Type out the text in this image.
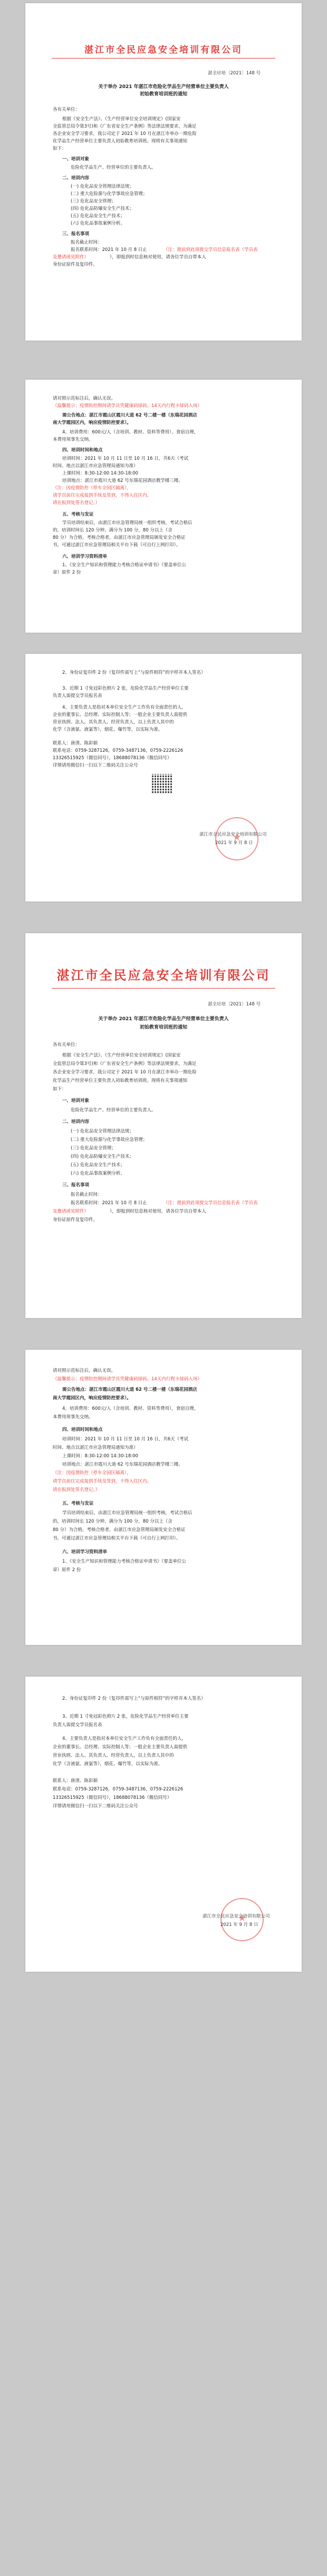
湛江市全民应急安全培训有限公司
湛全应培〔2021〕148 号
关于举办 2021 年湛江市危险化学品生产经营单位主要负责人
初始教育培训班的通知
各有关单位：
根据《安全生产法》、《生产经营单位安全培训规定》(国家安
全监管总局令第3号)和《广东省安全生产条例》等法律法规要求，为满足
各企业安全学习要求，我公司定于 2021 年 10 月在湛江市举办一期危险
化学品生产经营单位主要负责人初始教育培训班。现将有关事项通知
如下：
一、培训对象
危险化学品生产、经营单位的主要负责人。
二、培训内容
(一) 危化品安全管理法律法规；
(二) 重大危险源与化学事故应急管理；
(三) 危化品安全管理；
(四) 危化品防爆安全生产技术；
(五) 危化品安全生产技术；
(六) 危化品事故案例分析。
三、报名事项
报名截止时间：
报名联系时间：2021 年 10 月 8 日止	（注：提前到此项提交学员信息报名表（学员表
及邀请函见附件）	），即报到时信息核对使用，请各位学员自带本人
身份证原件及复印件。
请对照示范标注后，确认无误。
（温馨提示：疫情防控期间请学员凭健康码绿码、14天内行程卡绿码入场）
需公告地点：湛江市霞山区霞川大道 62 号二楼一楼（东瑞花园酒店
南大学霞园区内，响应疫情防控要求）。
4、培训费用：600元/人（含培训、教材、资料等费用），食宿自理，
本费用须事先交纳。
四、培训时间和地点
培训时间：2021 年 10 月 11 日至 10 月 16 日，共6天（考试
时间、地点以湛江市应急管理局通知为准）
上课时间：8:30-12:00 14:30-18:00
培训地点：湛江市霞川大道 62 号东瑞花园酒店教学楼三楼。
（注：因疫情防控（停车全园区隔离），
请学员前往完成报到手续及签到，不得入住区内。
请在报到处签名登记。）
五、考核与发证
学员培训结束后，由湛江市应急管理局统一组织考核，考试合格后
的，培训时间长 120 分钟，满分为 100 分，80 分以上（含
80 分）为合格。考核合格者，由湛江市应急管理局颁发安全合格证
书，可通过湛江市应急管理局相关平台下载（可自行上网打印）。
六、培训学习资料清单
1、《安全生产知识和管理能力考核合格证申请书》（要盖单位公
章）原件 2 份
2、身份证复印件 2 份（复印件需写上“与原件相符”的字样并本人签名）
3、近期 1 寸免冠彩色照片 2 张，危险化学品生产经营单位主要
负责人需提交学员报名表
4、主要负责人是指对本单位安全生产工作负有全面责任的人，
企业的董事长、总经理、实际控制人等；一般企业主要负责人需提供
营业执照、法人、其负责人、经营负责人，以上负责人其中的
化学（含液氨、液氯等），烟花、爆竹等，以实际为准。
联系人：唐清、陈彩娟
联系电话：0759-3287126，0759-3487136，0759-2226126
13326515925（微信同号），18688078136（微信同号）
详情请用微信扫一扫以下二维码关注公众号
★
湛江市全民应急安全培训有限公司
2021 年 9 月 8 日
湛江市全民应急安全培训有限公司
湛全应培〔2021〕148 号
关于举办 2021 年湛江市危险化学品生产经营单位主要负责人
初始教育培训班的通知
各有关单位：
根据《安全生产法》、《生产经营单位安全培训规定》(国家安
全监管总局令第3号)和《广东省安全生产条例》等法律法规要求，为满足
各企业安全学习要求，我公司定于 2021 年 10 月在湛江市举办一期危险
化学品生产经营单位主要负责人初始教育培训班。现将有关事项通知
如下：
一、培训对象
危险化学品生产、经营单位的主要负责人。
二、培训内容
(一) 危化品安全管理法律法规；
(二) 重大危险源与化学事故应急管理；
(三) 危化品安全管理；
(四) 危化品防爆安全生产技术；
(五) 危化品安全生产技术；
(六) 危化品事故案例分析。
三、报名事项
报名截止时间：
报名联系时间：2021 年 10 月 8 日止	（注：提前到此项提交学员信息报名表（学员表
及邀请函见附件）	），即报到时信息核对使用，请各位学员自带本人
身份证原件及复印件。
请对照示范标注后，确认无误。
（温馨提示：疫情防控期间请学员凭健康码绿码、14天内行程卡绿码入场）
需公告地点：湛江市霞山区霞川大道 62 号二楼一楼（东瑞花园酒店
南大学霞园区内，响应疫情防控要求）。
4、培训费用：600元/人（含培训、教材、资料等费用），食宿自理，
本费用须事先交纳。
四、培训时间和地点
培训时间：2021 年 10 月 11 日至 10 月 16 日，共6天（考试
时间、地点以湛江市应急管理局通知为准）
上课时间：8:30-12:00 14:30-18:00
培训地点：湛江市霞川大道 62 号东瑞花园酒店教学楼三楼。
（注：因疫情防控（停车全园区隔离），
请学员前往完成报到手续及签到，不得入住区内。
请在报到处签名登记。）
五、考核与发证
学员培训结束后，由湛江市应急管理局统一组织考核，考试合格后
的，培训时间长 120 分钟，满分为 100 分，80 分以上（含
80 分）为合格。考核合格者，由湛江市应急管理局颁发安全合格证
书，可通过湛江市应急管理局相关平台下载（可自行上网打印）。
六、培训学习资料清单
1、《安全生产知识和管理能力考核合格证申请书》（要盖单位公
章）原件 2 份
2、身份证复印件 2 份（复印件需写上“与原件相符”的字样并本人签名）
3、近期 1 寸免冠彩色照片 2 张，危险化学品生产经营单位主要
负责人需提交学员报名表
4、主要负责人是指对本单位安全生产工作负有全面责任的人，
企业的董事长、总经理、实际控制人等；一般企业主要负责人需提供
营业执照、法人、其负责人、经营负责人，以上负责人其中的
化学（含液氨、液氯等），烟花、爆竹等，以实际为准。
联系人：唐清、陈彩娟
联系电话：0759-3287126，0759-3487136，0759-2226126
13326515925（微信同号），18688078136（微信同号）
详情请用微信扫一扫以下二维码关注公众号
★
湛江市全民应急安全培训有限公司
2021 年 9 月 8 日
